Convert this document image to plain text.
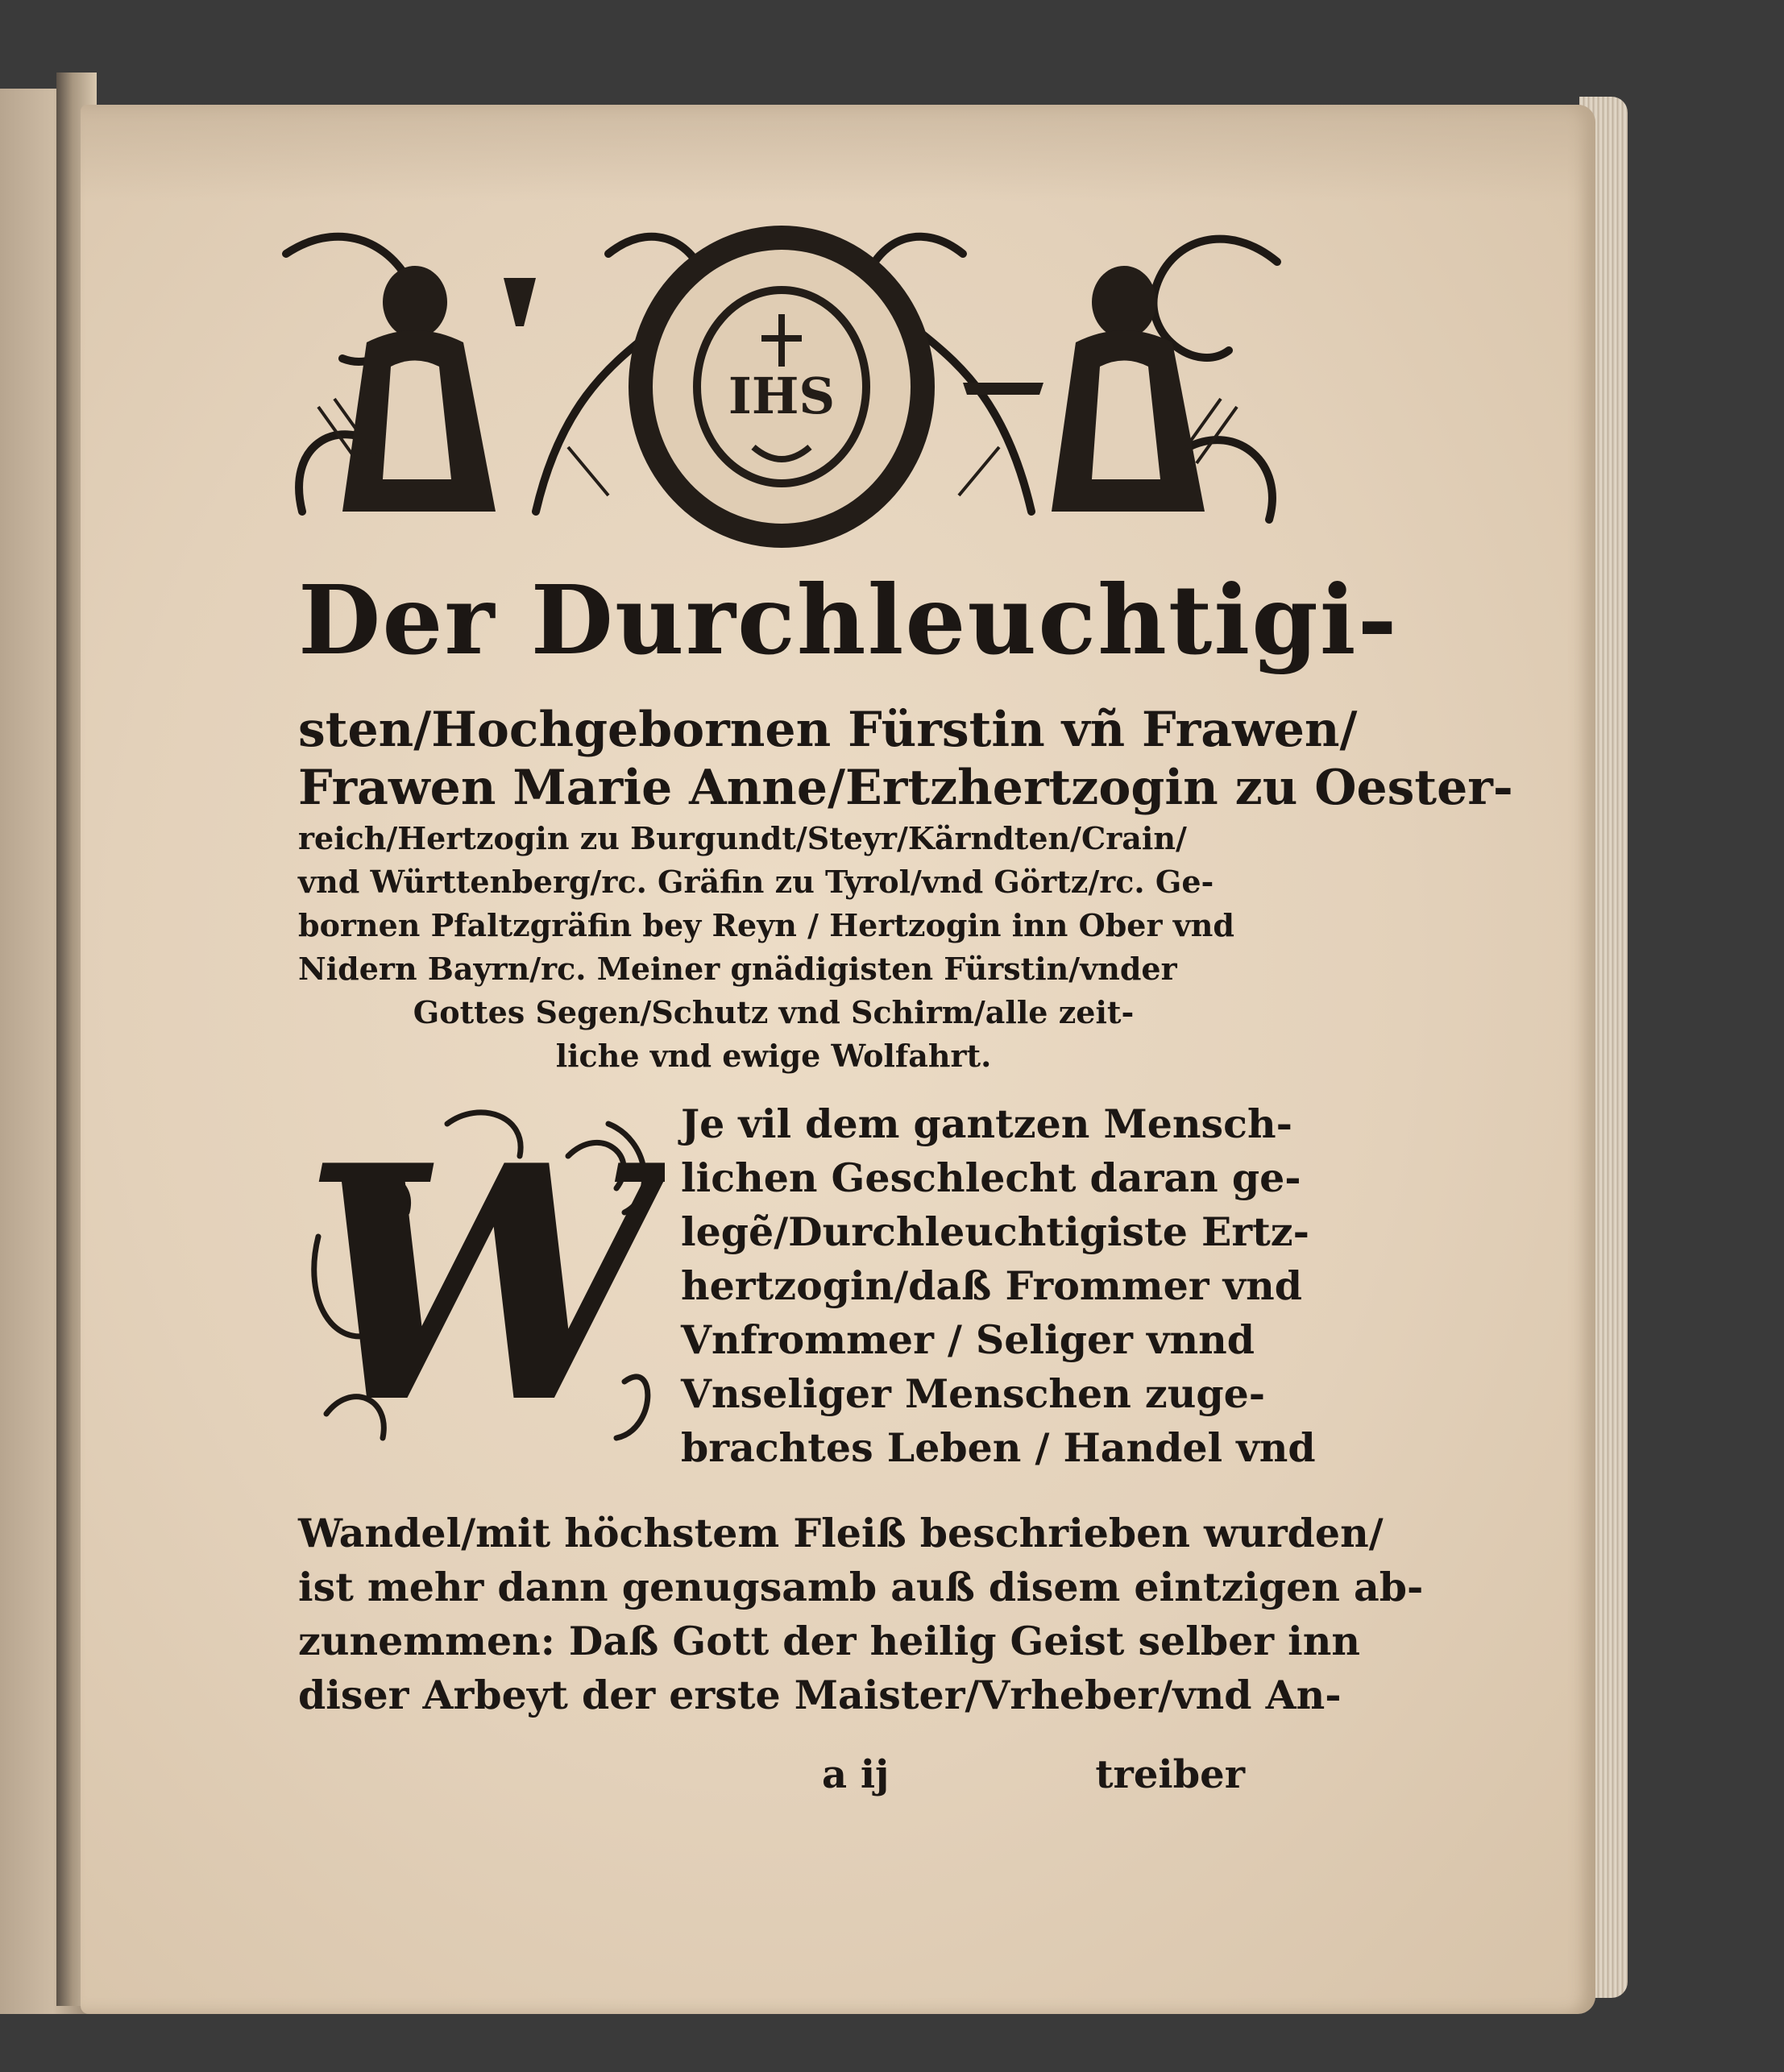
IHS
Der Durchleuchtigi-
sten/Hochgebornen Fürstin vñ Frawen/
Frawen Marie Anne/Ertzhertzogin zu Oester-
reich/Hertzogin zu Burgundt/Steyr/Kärndten/Crain/
vnd Württenberg/rc. Gräfin zu Tyrol/vnd Görtz/rc. Ge-
bornen Pfaltzgräfin bey Reyn / Hertzogin inn Ober vnd
Nidern Bayrn/rc. Meiner gnädigisten Fürstin/vnder
Gottes Segen/Schutz vnd Schirm/alle zeit-
liche vnd ewige Wolfahrt.
W Je vil dem gantzen Mensch-
lichen Geschlecht daran ge-
legẽ/Durchleuchtigiste Ertz-
hertzogin/daß Frommer vnd
Vnfrommer / Seliger vnnd
Vnseliger Menschen zuge-
brachtes Leben / Handel vnd
Wandel/mit höchstem Fleiß beschrieben wurden/
ist mehr dann genugsamb auß disem eintzigen ab-
zunemmen: Daß Gott der heilig Geist selber inn
diser Arbeyt der erste Maister/Vrheber/vnd An-
a ij	treiber
